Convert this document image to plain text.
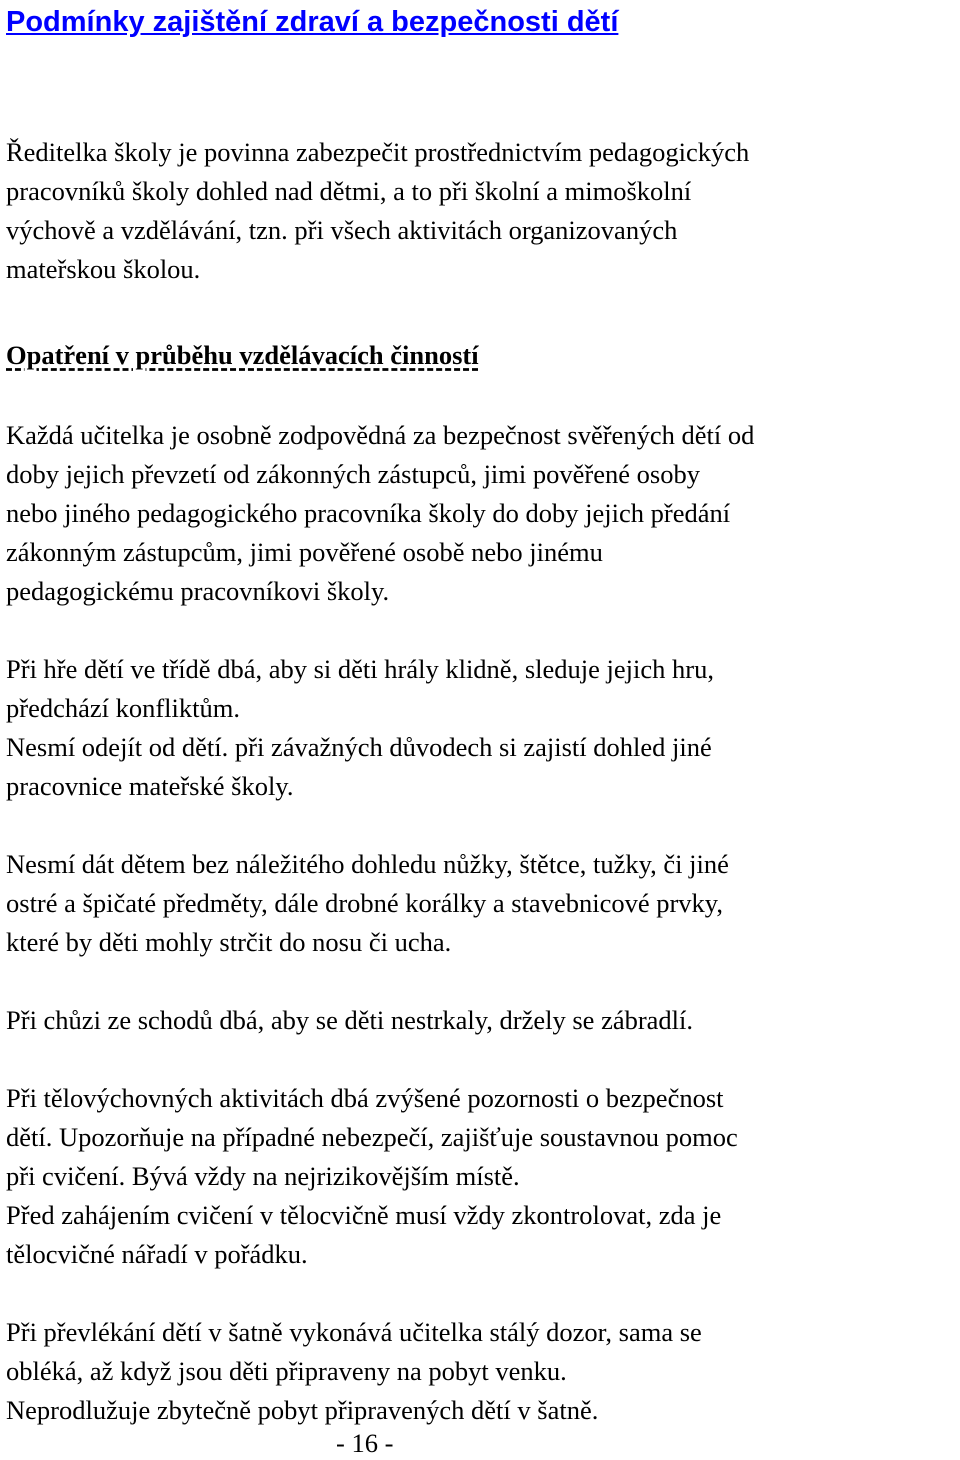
Podmínky zajištění zdraví a bezpečnosti dětí
Ředitelka školy je povinna zabezpečit prostřednictvím pedagogických
pracovníků školy dohled nad dětmi, a to při školní a mimoškolní
výchově a vzdělávání, tzn. při všech aktivitách organizovaných
mateřskou školou.
Opatření v průběhu vzdělávacích činností
Každá učitelka je osobně zodpovědná za bezpečnost svěřených dětí od
doby jejich převzetí od zákonných zástupců, jimi pověřené osoby
nebo jiného pedagogického pracovníka školy do doby jejich předání
zákonným zástupcům, jimi pověřené osobě nebo jinému
pedagogickému pracovníkovi školy.
Při hře dětí ve třídě dbá, aby si děti hrály klidně, sleduje jejich hru,
předchází konfliktům.
Nesmí odejít od dětí. při závažných důvodech si zajistí dohled jiné
pracovnice mateřské školy.
Nesmí dát dětem bez náležitého dohledu nůžky, štětce, tužky, či jiné
ostré a špičaté předměty, dále drobné korálky a stavebnicové prvky,
které by děti mohly strčit do nosu či ucha.
Při chůzi ze schodů dbá, aby se děti nestrkaly, držely se zábradlí.
Při tělovýchovných aktivitách dbá zvýšené pozornosti o bezpečnost
dětí. Upozorňuje na případné nebezpečí, zajišťuje soustavnou pomoc
při cvičení. Bývá vždy na nejrizikovějším místě.
Před zahájením cvičení v tělocvičně musí vždy zkontrolovat, zda je
tělocvičné nářadí v pořádku.
Při převlékání dětí v šatně vykonává učitelka stálý dozor, sama se
obléká, až když jsou děti připraveny na pobyt venku.
Neprodlužuje zbytečně pobyt připravených dětí v šatně.
- 16 -
